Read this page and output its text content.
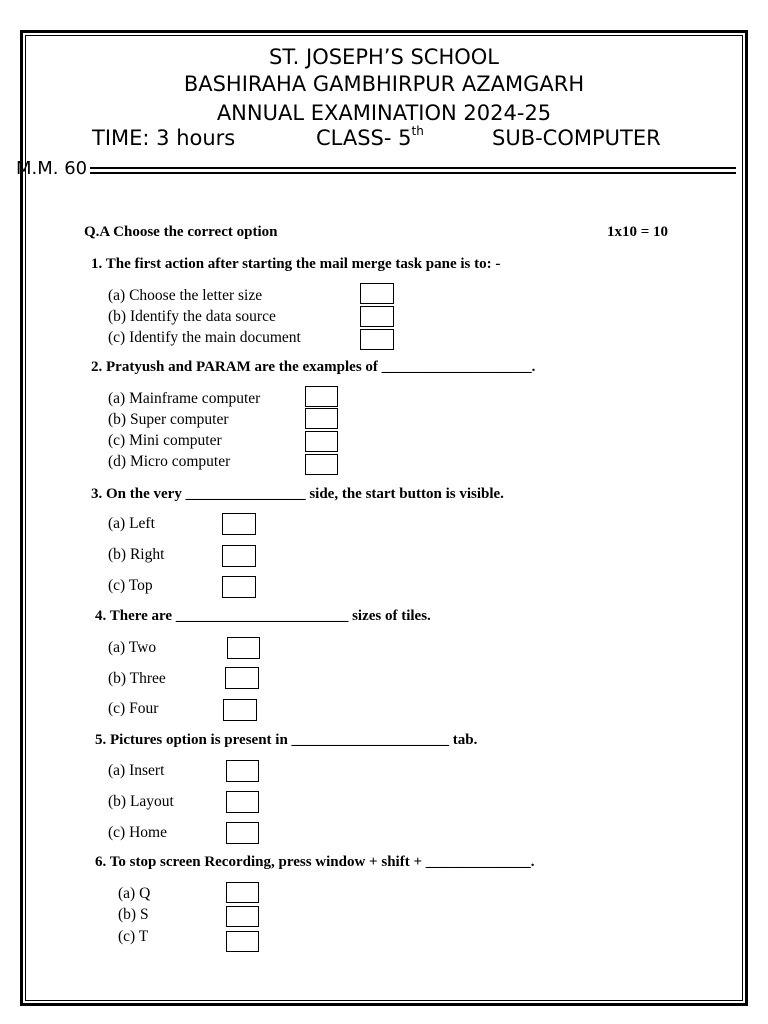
ST. JOSEPH’S SCHOOL
BASHIRAHA GAMBHIRPUR AZAMGARH
ANNUAL EXAMINATION 2024-25
TIME: 3 hours	CLASS- 5th	SUB-COMPUTER
M.M. 60
Q.A Choose the correct option	1x10 = 10
1. The first action after starting the mail merge task pane is to: -
(a) Choose the letter size
(b) Identify the data source
(c) Identify the main document
2. Pratyush and PARAM are the examples of ____________________.
(a) Mainframe computer
(b) Super computer
(c) Mini computer
(d) Micro computer
3. On the very ________________ side, the start button is visible.
(a) Left
(b) Right
(c) Top
4. There are _______________________ sizes of tiles.
(a) Two
(b) Three
(c) Four
5. Pictures option is present in _____________________ tab.
(a) Insert
(b) Layout
(c) Home
6. To stop screen Recording, press window + shift + ______________.
(a) Q
(b) S
(c) T
